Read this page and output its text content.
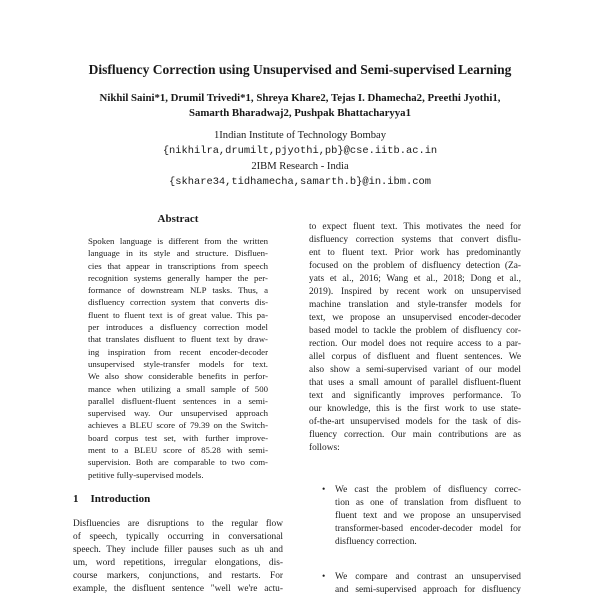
Disfluency Correction using Unsupervised and Semi-supervised Learning
Nikhil Saini*1, Drumil Trivedi*1, Shreya Khare2, Tejas I. Dhamecha2, Preethi Jyothi1,
Samarth Bharadwaj2, Pushpak Bhattacharyya1
1Indian Institute of Technology Bombay
{nikhilra,drumilt,pjyothi,pb}@cse.iitb.ac.in
2IBM Research - India
{skhare34,tidhamecha,samarth.b}@in.ibm.com
Abstract
Spoken language is different from the written
language in its style and structure. Disfluen-
cies that appear in transcriptions from speech
recognition systems generally hamper the per-
formance of downstream NLP tasks. Thus, a
disfluency correction system that converts dis-
fluent to fluent text is of great value. This pa-
per introduces a disfluency correction model
that translates disfluent to fluent text by draw-
ing inspiration from recent encoder-decoder
unsupervised style-transfer models for text.
We also show considerable benefits in perfor-
mance when utilizing a small sample of 500
parallel disfluent-fluent sentences in a semi-
supervised way. Our unsupervised approach
achieves a BLEU score of 79.39 on the Switch-
board corpus test set, with further improve-
ment to a BLEU score of 85.28 with semi-
supervision. Both are comparable to two com-
petitive fully-supervised models.
1 Introduction
Disfluencies are disruptions to the regular flow
of speech, typically occurring in conversational
speech. They include filler pauses such as uh and
um, word repetitions, irregular elongations, dis-
course markers, conjunctions, and restarts. For
example, the disfluent sentence "well we're actu-
to expect fluent text. This motivates the need for
disfluency correction systems that convert disflu-
ent to fluent text. Prior work has predominantly
focused on the problem of disfluency detection (Za-
yats et al., 2016; Wang et al., 2018; Dong et al.,
2019). Inspired by recent work on unsupervised
machine translation and style-transfer models for
text, we propose an unsupervised encoder-decoder
based model to tackle the problem of disfluency cor-
rection. Our model does not require access to a par-
allel corpus of disfluent and fluent sentences. We
also show a semi-supervised variant of our model
that uses a small amount of parallel disfluent-fluent
text and significantly improves performance. To
our knowledge, this is the first work to use state-
of-the-art unsupervised models for the task of dis-
fluency correction. Our main contributions are as
follows:
• We cast the problem of disfluency correc-
tion as one of translation from disfluent to
fluent text and we propose an unsupervised
transformer-based encoder-decoder model for
disfluency correction.
• We compare and contrast an unsupervised
and semi-supervised approach for disfluency
